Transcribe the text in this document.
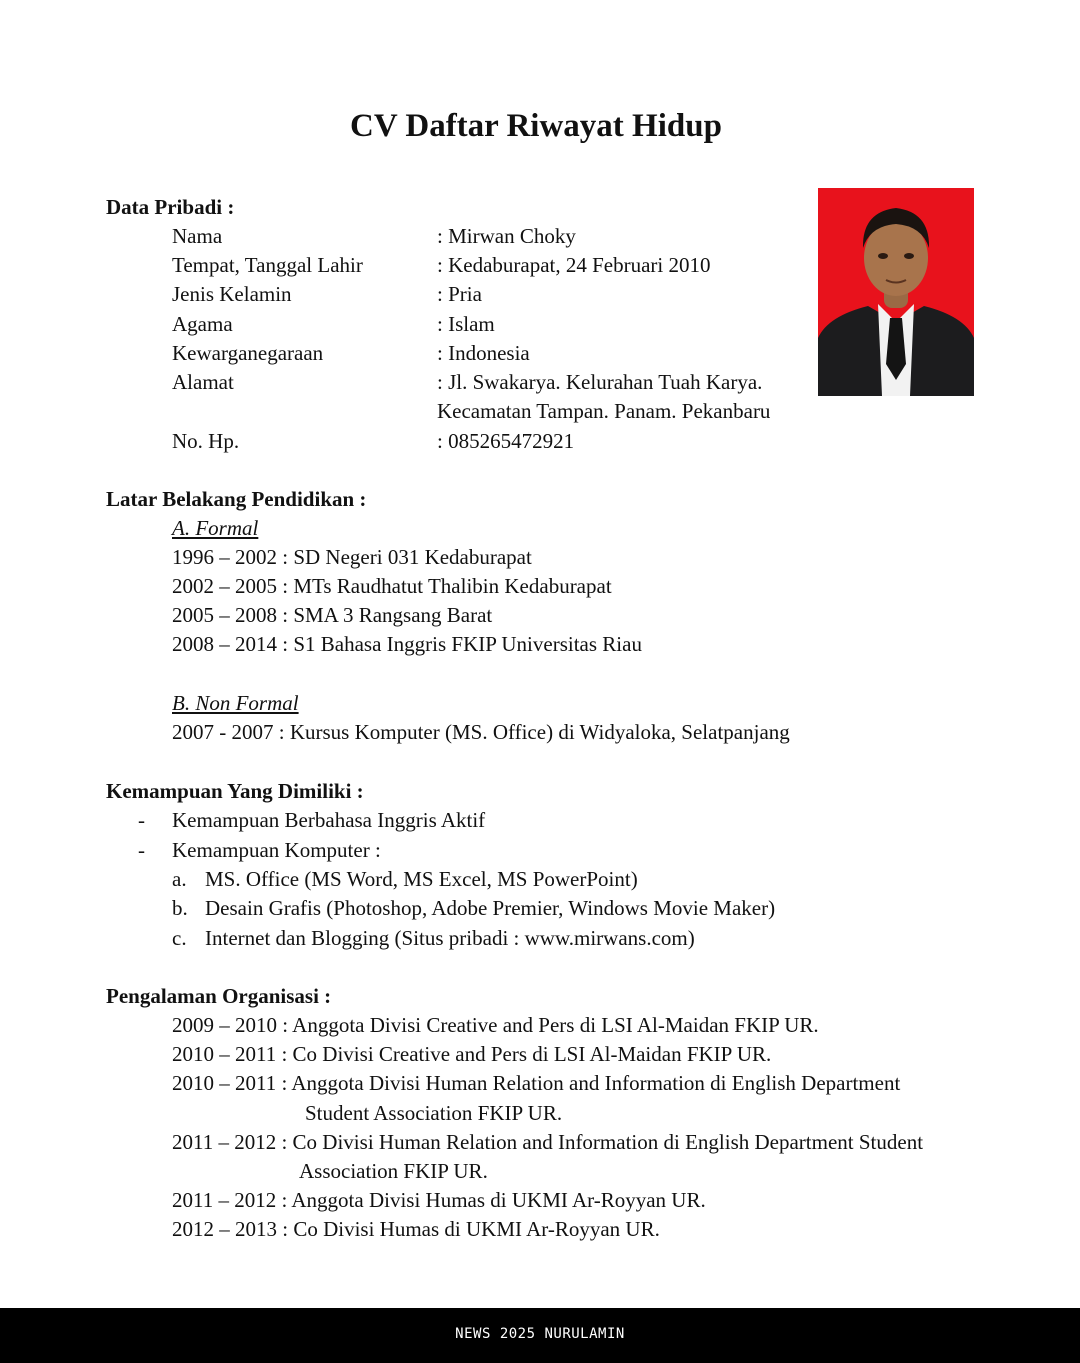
CV Daftar Riwayat Hidup
Data Pribadi :
Nama	: Mirwan Choky
Tempat, Tanggal Lahir	: Kedaburapat, 24 Februari 2010
Jenis Kelamin	: Pria
Agama	: Islam
Kewarganegaraan	: Indonesia
Alamat	: Jl. Swakarya. Kelurahan Tuah Karya.
Kecamatan Tampan. Panam. Pekanbaru
No. Hp.	: 085265472921
Latar Belakang Pendidikan :
A. Formal
1996 – 2002 : SD Negeri 031 Kedaburapat
2002 – 2005 : MTs Raudhatut Thalibin Kedaburapat
2005 – 2008 : SMA 3 Rangsang Barat
2008 – 2014 : S1 Bahasa Inggris FKIP Universitas Riau
B. Non Formal
2007 - 2007 : Kursus Komputer (MS. Office) di Widyaloka, Selatpanjang
Kemampuan Yang Dimiliki :
- Kemampuan Berbahasa Inggris Aktif
- Kemampuan Komputer :
a. MS. Office (MS Word, MS Excel, MS PowerPoint)
b. Desain Grafis (Photoshop, Adobe Premier, Windows Movie Maker)
c. Internet dan Blogging (Situs pribadi : www.mirwans.com)
Pengalaman Organisasi :
2009 – 2010 : Anggota Divisi Creative and Pers di LSI Al-Maidan FKIP UR.
2010 – 2011 : Co Divisi Creative and Pers di LSI Al-Maidan FKIP UR.
2010 – 2011 : Anggota Divisi Human Relation and Information di English Department
Student Association FKIP UR.
2011 – 2012 : Co Divisi Human Relation and Information di English Department Student
Association FKIP UR.
2011 – 2012 : Anggota Divisi Humas di UKMI Ar-Royyan UR.
2012 – 2013 : Co Divisi Humas di UKMI Ar-Royyan UR.
NEWS 2025 NURULAMIN
